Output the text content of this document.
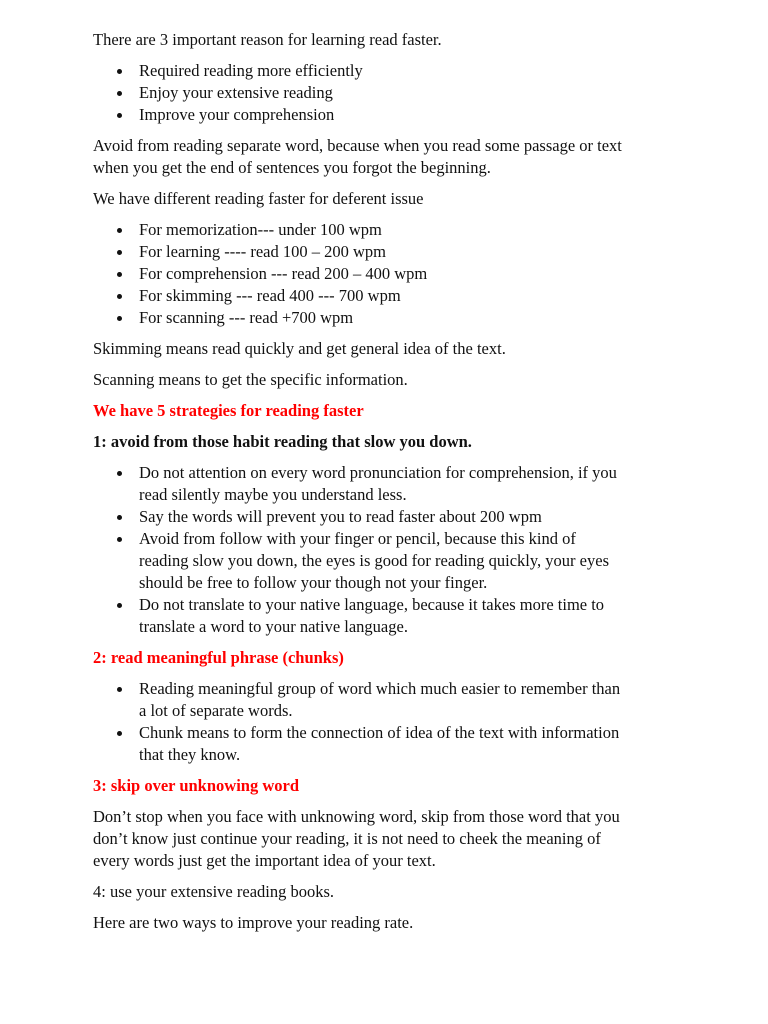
There are 3 important reason for learning read faster.

Required reading more efficiently
Enjoy your extensive reading
Improve your comprehension
Avoid from reading separate word, because when you read some passage or text
when you get the end of sentences you forgot the beginning.

We have different reading faster for deferent issue

For memorization--- under 100 wpm
For learning ---- read 100 – 200 wpm
For comprehension --- read 200 – 400 wpm
For skimming --- read 400 --- 700 wpm
For scanning --- read +700 wpm

Skimming means read quickly and get general idea of the text.

Scanning means to get the specific information.

We have 5 strategies for reading faster

1: avoid from those habit reading that slow you down.

Do not attention on every word pronunciation for comprehension, if you
read silently maybe you understand less.
Say the words will prevent you to read faster about 200 wpm
Avoid from follow with your finger or pencil, because this kind of
reading slow you down, the eyes is good for reading quickly, your eyes
should be free to follow your though not your finger.
Do not translate to your native language, because it takes more time to
translate a word to your native language.

2: read meaningful phrase (chunks)

Reading meaningful group of word which much easier to remember than
a lot of separate words.
Chunk means to form the connection of idea of the text with information
that they know.

3: skip over unknowing word

Don’t stop when you face with unknowing word, skip from those word that you
don’t know just continue your reading, it is not need to cheek the meaning of
every words just get the important idea of your text.

4: use your extensive reading books.

Here are two ways to improve your reading rate.
